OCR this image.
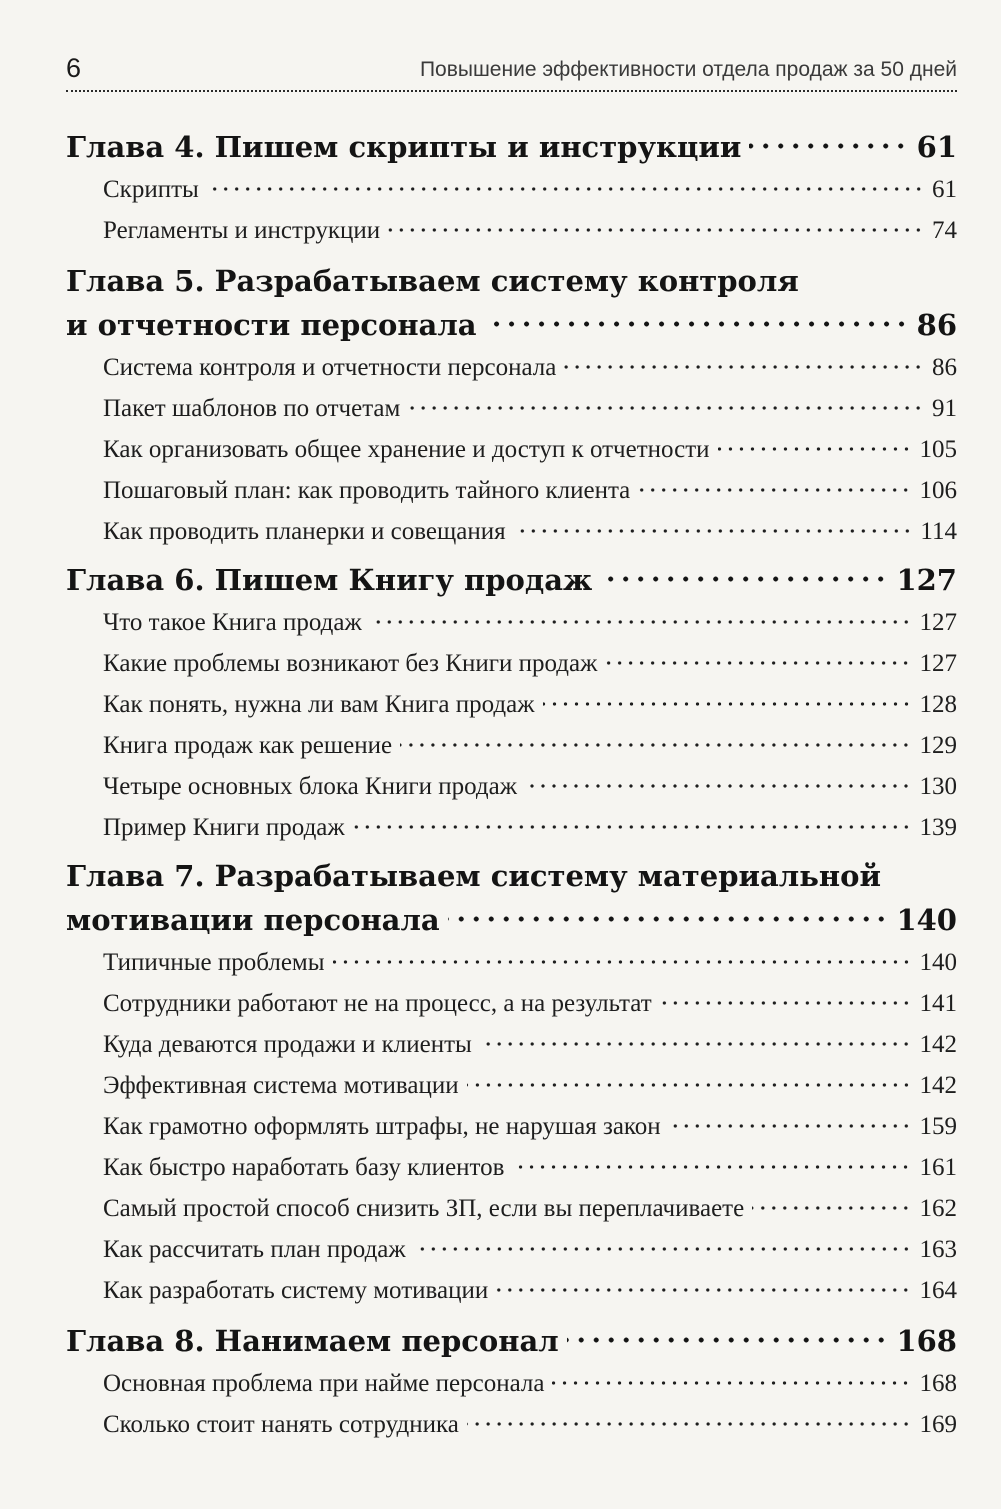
6	Повышение эффективности отдела продаж за 50 дней
Глава 4. Пишем скрипты и инструкции	61
Скрипты	61
Регламенты и инструкции	74
Глава 5. Разрабатываем систему контроля
и отчетности персонала	86
Система контроля и отчетности персонала	86
Пакет шаблонов по отчетам	91
Как организовать общее хранение и доступ к отчетности	105
Пошаговый план: как проводить тайного клиента	106
Как проводить планерки и совещания	114
Глава 6. Пишем Книгу продаж	127
Что такое Книга продаж	127
Какие проблемы возникают без Книги продаж	127
Как понять, нужна ли вам Книга продаж	128
Книга продаж как решение	129
Четыре основных блока Книги продаж	130
Пример Книги продаж	139
Глава 7. Разрабатываем систему материальной
мотивации персонала	140
Типичные проблемы	140
Сотрудники работают не на процесс, а на результат	141
Куда деваются продажи и клиенты	142
Эффективная система мотивации	142
Как грамотно оформлять штрафы, не нарушая закон	159
Как быстро наработать базу клиентов	161
Самый простой способ снизить ЗП, если вы переплачиваете	162
Как рассчитать план продаж	163
Как разработать систему мотивации	164
Глава 8. Нанимаем персонал	168
Основная проблема при найме персонала	168
Сколько стоит нанять сотрудника	169
